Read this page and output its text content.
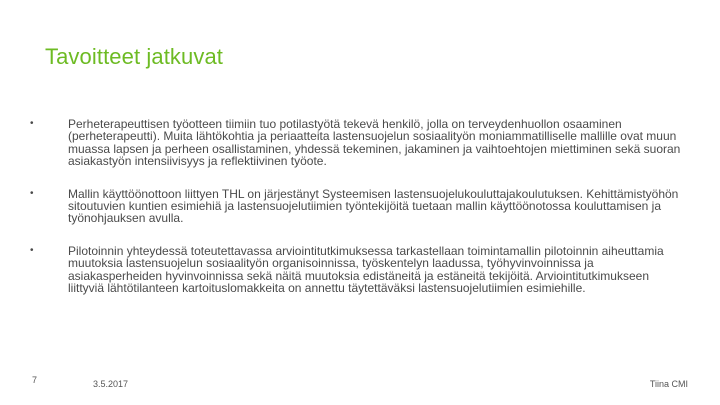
Tavoitteet jatkuvat
•	Perheterapeuttisen työotteen tiimiin tuo potilastyötä tekevä henkilö, jolla on terveydenhuollon osaaminen (perheterapeutti). Muita lähtökohtia ja periaatteita lastensuojelun sosiaalityön moniammatilliselle mallille ovat muun muassa lapsen ja perheen osallistaminen, yhdessä tekeminen, jakaminen ja vaihtoehtojen miettiminen sekä suoran asiakastyön intensiivisyys ja reflektiivinen työote.
•	Mallin käyttöönottoon liittyen THL on järjestänyt Systeemisen lastensuojelukouluttajakoulutuksen. Kehittämistyöhön sitoutuvien kuntien esimiehiä ja lastensuojelutiimien työntekijöitä tuetaan mallin käyttöönotossa kouluttamisen ja työnohjauksen avulla.
•	Pilotoinnin yhteydessä toteutettavassa arviointitutkimuksessa tarkastellaan toimintamallin pilotoinnin aiheuttamia muutoksia lastensuojelun sosiaalityön organisoinnissa, työskentelyn laadussa, työhyvinvoinnissa ja asiakasperheiden hyvinvoinnissa sekä näitä muutoksia edistäneitä ja estäneitä tekijöitä. Arviointitutkimukseen liittyviä lähtötilanteen kartoituslomakkeita on annettu täytettäväksi lastensuojelutiimien esimiehille.
7	3.5.2017	Tiina CMI
